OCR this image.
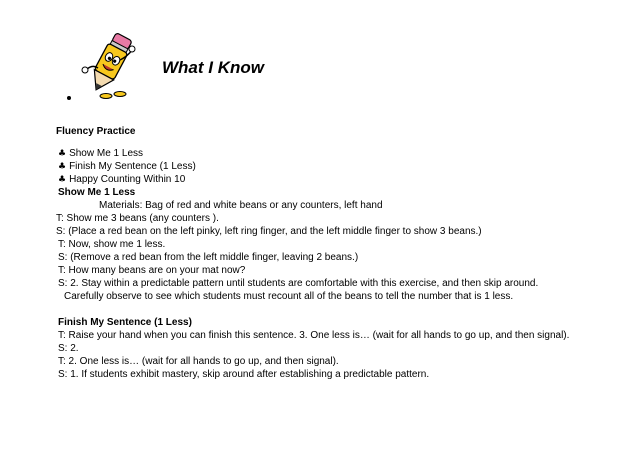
What I Know
Fluency Practice
♣ Show Me 1 Less
♣ Finish My Sentence (1 Less)
♣ Happy Counting Within 10
Show Me 1 Less
Materials: Bag of red and white beans or any counters, left hand
T: Show me 3 beans (any counters ).
S: (Place a red bean on the left pinky, left ring finger, and the left middle finger to show 3 beans.)
T: Now, show me 1 less.
S: (Remove a red bean from the left middle finger, leaving 2 beans.)
T: How many beans are on your mat now?
S: 2. Stay within a predictable pattern until students are comfortable with this exercise, and then skip around.
Carefully observe to see which students must recount all of the beans to tell the number that is 1 less.
Finish My Sentence (1 Less)
T: Raise your hand when you can finish this sentence. 3. One less is… (wait for all hands to go up, and then signal).
S: 2.
T: 2. One less is… (wait for all hands to go up, and then signal).
S: 1. If students exhibit mastery, skip around after establishing a predictable pattern.
